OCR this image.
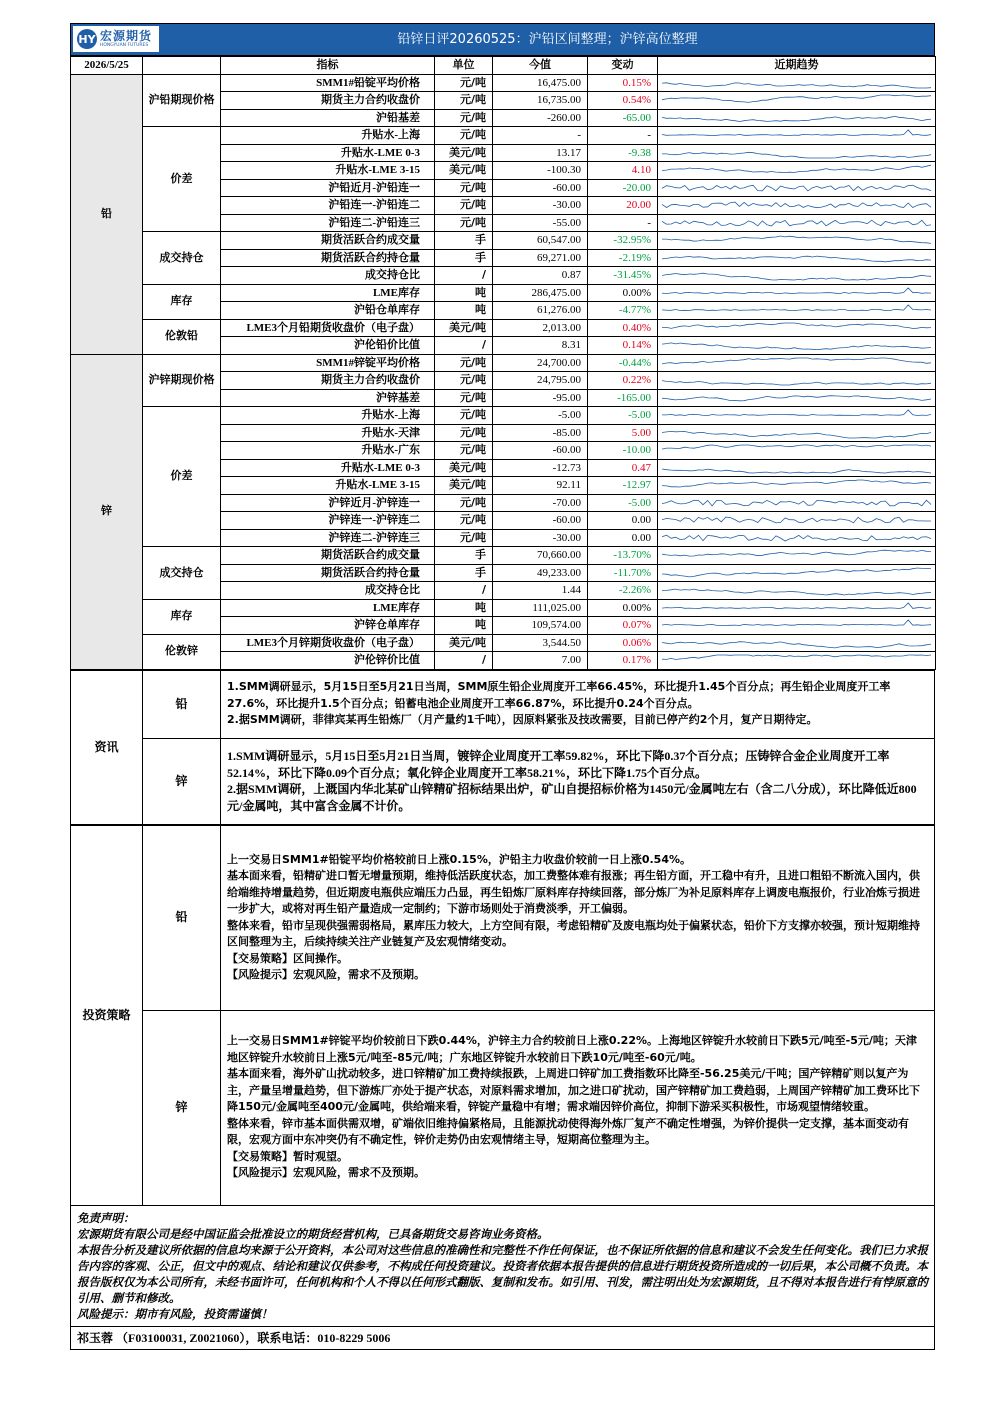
HY 宏源期货
HONGYUAN FUTURES	铅锌日评20260525：沪铅区间整理；沪锌高位整理
2026/5/25		指标	单位	今值	变动	近期趋势
铅	沪铅期现价格	SMM1#铅锭平均价格	元/吨	16,475.00	0.15%	

		期货主力合约收盘价	元/吨	16,735.00	0.54%	

		沪铅基差	元/吨	-260.00	-65.00	

	价差	升贴水-上海	元/吨	-	-	

		升贴水-LME 0-3	美元/吨	13.17	-9.38	

		升贴水-LME 3-15	美元/吨	-100.30	4.10	

		沪铅近月-沪铅连一	元/吨	-60.00	-20.00	

		沪铅连一-沪铅连二	元/吨	-30.00	20.00	

		沪铅连二-沪铅连三	元/吨	-55.00	-	

	成交持仓	期货活跃合约成交量	手	60,547.00	-32.95%	

		期货活跃合约持仓量	手	69,271.00	-2.19%	

		成交持仓比	/	0.87	-31.45%	

	库存	LME库存	吨	286,475.00	0.00%	

		沪铅仓单库存	吨	61,276.00	-4.77%	

	伦敦铅	LME3个月铅期货收盘价（电子盘）	美元/吨	2,013.00	0.40%	

		沪伦铅价比值	/	8.31	0.14%	

锌	沪锌期现价格	SMM1#锌锭平均价格	元/吨	24,700.00	-0.44%	

		期货主力合约收盘价	元/吨	24,795.00	0.22%	

		沪锌基差	元/吨	-95.00	-165.00	

	价差	升贴水-上海	元/吨	-5.00	-5.00	

		升贴水-天津	元/吨	-85.00	5.00	

		升贴水-广东	元/吨	-60.00	-10.00	

		升贴水-LME 0-3	美元/吨	-12.73	0.47	

		升贴水-LME 3-15	美元/吨	92.11	-12.97	

		沪锌近月-沪锌连一	元/吨	-70.00	-5.00	

		沪锌连一-沪锌连二	元/吨	-60.00	0.00	

		沪锌连二-沪锌连三	元/吨	-30.00	0.00	

	成交持仓	期货活跃合约成交量	手	70,660.00	-13.70%	

		期货活跃合约持仓量	手	49,233.00	-11.70%	

		成交持仓比	/	1.44	-2.26%	

	库存	LME库存	吨	111,025.00	0.00%	

		沪锌仓单库存	吨	109,574.00	0.07%	

	伦敦锌	LME3个月锌期货收盘价（电子盘）	美元/吨	3,544.50	0.06%	

		沪伦锌价比值	/	7.00	0.17%	
资讯	铅	1.SMM调研显示，5月15日至5月21日当周，SMM原生铅企业周度开工率66.45%，环比提升1.45个百分点；再生铅企业周度开工率27.6%，环比提升1.5个百分点；铅蓄电池企业周度开工率66.87%，环比提升0.24个百分点。

2.据SMM调研，菲律宾某再生铅炼厂（月产量约1千吨），因原料紧张及技改需要，目前已停产约2个月，复产日期待定。

	锌	1.SMM调研显示，5月15日至5月21日当周，镀锌企业周度开工率59.82%，环比下降0.37个百分点；压铸锌合金企业周度开工率52.14%，环比下降0.09个百分点；氧化锌企业周度开工率58.21%，环比下降1.75个百分点。

2.据SMM调研，上溉国内华北某矿山锌精矿招标结果出炉，矿山自提招标价格为1450元/金属吨左右（含二八分成），环比降低近800元/金属吨，其中富含金属不计价。

投资策略	铅	上一交易日SMM1#铅锭平均价格较前日上涨0.15%，沪铅主力收盘价较前一日上涨0.54%。

基本面来看，铅精矿进口暂无增量预期，维持低活跃度状态，加工费整体难有报涨；再生铅方面，开工稳中有升，且进口粗铅不断流入国内，供给端维持增量趋势，但近期废电瓶供应端压力凸显，再生铅炼厂原料库存持续回落，部分炼厂为补足原料库存上调废电瓶报价，行业冶炼亏损进一步扩大，或将对再生铅产量造成一定制约；下游市场则处于消费淡季，开工偏弱。

整体来看，铅市呈现供强需弱格局，累库压力较大，上方空间有限，考虑铅精矿及废电瓶均处于偏紧状态，铅价下方支撑亦较强，预计短期维持区间整理为主，后续持续关注产业链复产及宏观情绪变动。

【交易策略】区间操作。

【风险提示】宏观风险，需求不及预期。

	锌	上一交易日SMM1#锌锭平均价较前日下跌0.44%，沪锌主力合约较前日上涨0.22%。上海地区锌锭升水较前日下跌5元/吨至-5元/吨；天津地区锌锭升水较前日上涨5元/吨至-85元/吨；广东地区锌锭升水较前日下跌10元/吨至-60元/吨。

基本面来看，海外矿山扰动较多，进口锌精矿加工费持续报跌，上周进口锌矿加工费指数环比降至-56.25美元/干吨；国产锌精矿则以复产为主，产量呈增量趋势，但下游炼厂亦处于提产状态，对原料需求增加，加之进口矿扰动，国产锌精矿加工费趋弱，上周国产锌精矿加工费环比下降150元/金属吨至400元/金属吨，供给端来看，锌锭产量稳中有增；需求端因锌价高位，抑制下游采买积极性，市场观望情绪较重。

整体来看，锌市基本面供需双增，矿端依旧维持偏紧格局，且能源扰动使得海外炼厂复产不确定性增强，为锌价提供一定支撑，基本面变动有限，宏观方面中东冲突仍有不确定性，锌价走势仍由宏观情绪主导，短期高位整理为主。

【交易策略】暂时观望。

【风险提示】宏观风险，需求不及预期。

免责声明：
宏源期货有限公司是经中国证监会批准设立的期货经营机构，已具备期货交易咨询业务资格。
本报告分析及建议所依据的信息均来源于公开资料，本公司对这些信息的准确性和完整性不作任何保证，也不保证所依据的信息和建议不会发生任何变化。我们已力求报告内容的客观、公正，但文中的观点、结论和建议仅供参考，不构成任何投资建议。投资者依据本报告提供的信息进行期货投资所造成的一切后果，本公司概不负责。本报告版权仅为本公司所有，未经书面许可，任何机构和个人不得以任何形式翻版、复制和发布。如引用、刊发，需注明出处为宏源期货，且不得对本报告进行有悖原意的引用、删节和修改。
风险提示：期市有风险，投资需谨慎！
祁玉蓉 （F03100031, Z0021060），联系电话：010-8229 5006
